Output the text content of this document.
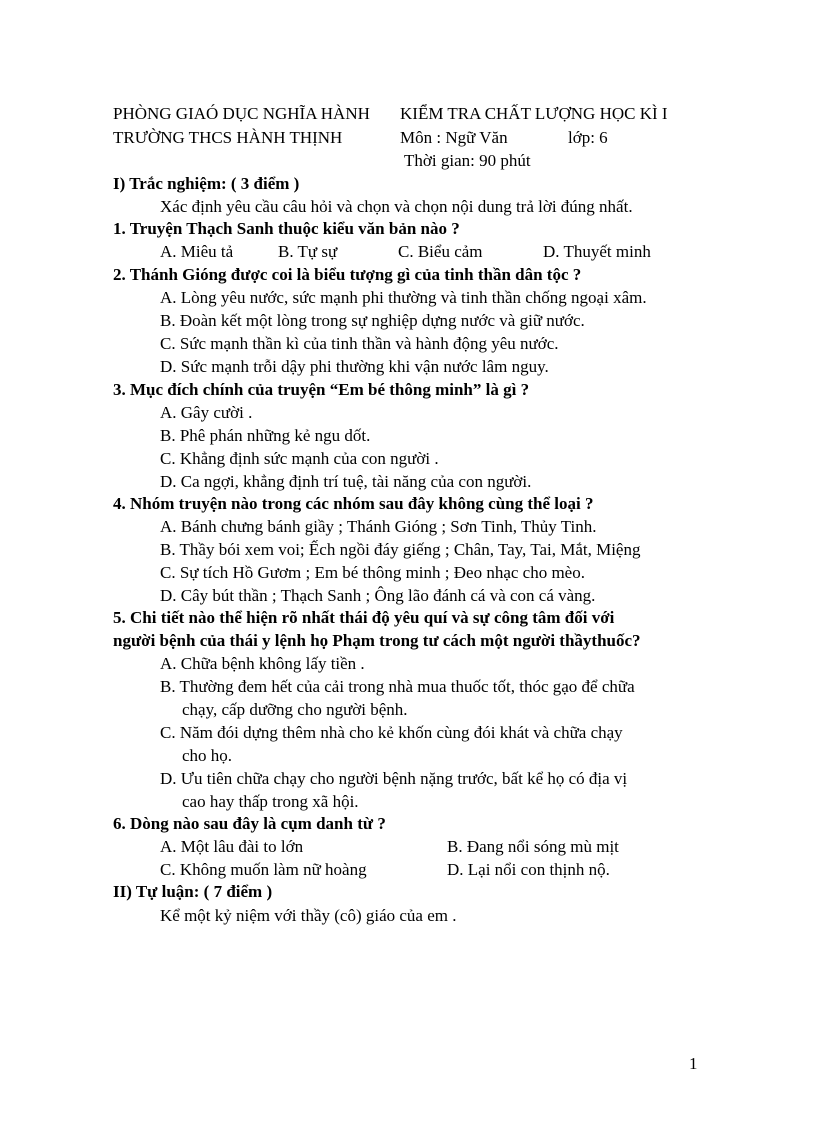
PHÒNG GIAÓ DỤC NGHĨA HÀNH
TRƯỜNG THCS HÀNH THỊNH
KIỂM TRA CHẤT LƯỢNG HỌC KÌ I
Môn : Ngữ Văn	lớp: 6
Thời gian: 90 phút
I) Trắc nghiệm: ( 3 điểm )
Xác định yêu cầu câu hỏi và chọn và chọn nội dung trả lời đúng nhất.
1. Truyện Thạch Sanh thuộc kiểu văn bản nào ?
A. Miêu tả	B. Tự sự	C. Biểu cảm	D. Thuyết minh
2. Thánh Gióng được coi là biểu tượng gì của tinh thần dân tộc ?
A. Lòng yêu nước, sức mạnh phi thường và tinh thần chống ngoại xâm.
B. Đoàn kết một lòng trong sự nghiệp dựng nước và giữ nước.
C. Sức mạnh thần kì của tinh thần và hành động yêu nước.
D. Sức mạnh trỗi dậy phi thường khi vận nước lâm nguy.
3. Mục đích chính của truyện “Em bé thông minh” là gì ?
A. Gây cười .
B. Phê phán những kẻ ngu dốt.
C. Khẳng định sức mạnh của con người .
D. Ca ngợi, khẳng định trí tuệ, tài năng của con người.
4. Nhóm truyện nào trong các nhóm sau đây không cùng thể loại ?
A. Bánh chưng bánh giầy ; Thánh Gióng ; Sơn Tinh, Thủy Tinh.
B. Thầy bói xem voi; Ếch ngồi đáy giếng ; Chân, Tay, Tai, Mắt, Miệng
C. Sự tích Hồ Gươm ; Em bé thông minh ; Đeo nhạc cho mèo.
D. Cây bút thần ; Thạch Sanh ; Ông lão đánh cá và con cá vàng.
5. Chi tiết nào thể hiện rõ nhất thái độ yêu quí và sự công tâm đối với
người bệnh của thái y lệnh họ Phạm trong tư cách một người thầythuốc?
A. Chữa bệnh không lấy tiền .
B. Thường đem hết của cải trong nhà mua thuốc tốt, thóc gạo để chữa
chạy, cấp dưỡng cho người bệnh.
C. Năm đói dựng thêm nhà cho kẻ khốn cùng đói khát và chữa chạy
cho họ.
D. Ưu tiên chữa chạy cho người bệnh nặng trước, bất kể họ có địa vị
cao hay thấp trong xã hội.
6. Dòng nào sau đây là cụm danh từ ?
A. Một lâu đài to lớn	B. Đang nổi sóng mù mịt
C. Không muốn làm nữ hoàng	D. Lại nổi con thịnh nộ.
II) Tự luận: ( 7 điểm )
Kể một kỷ niệm với thầy (cô) giáo của em .
1
